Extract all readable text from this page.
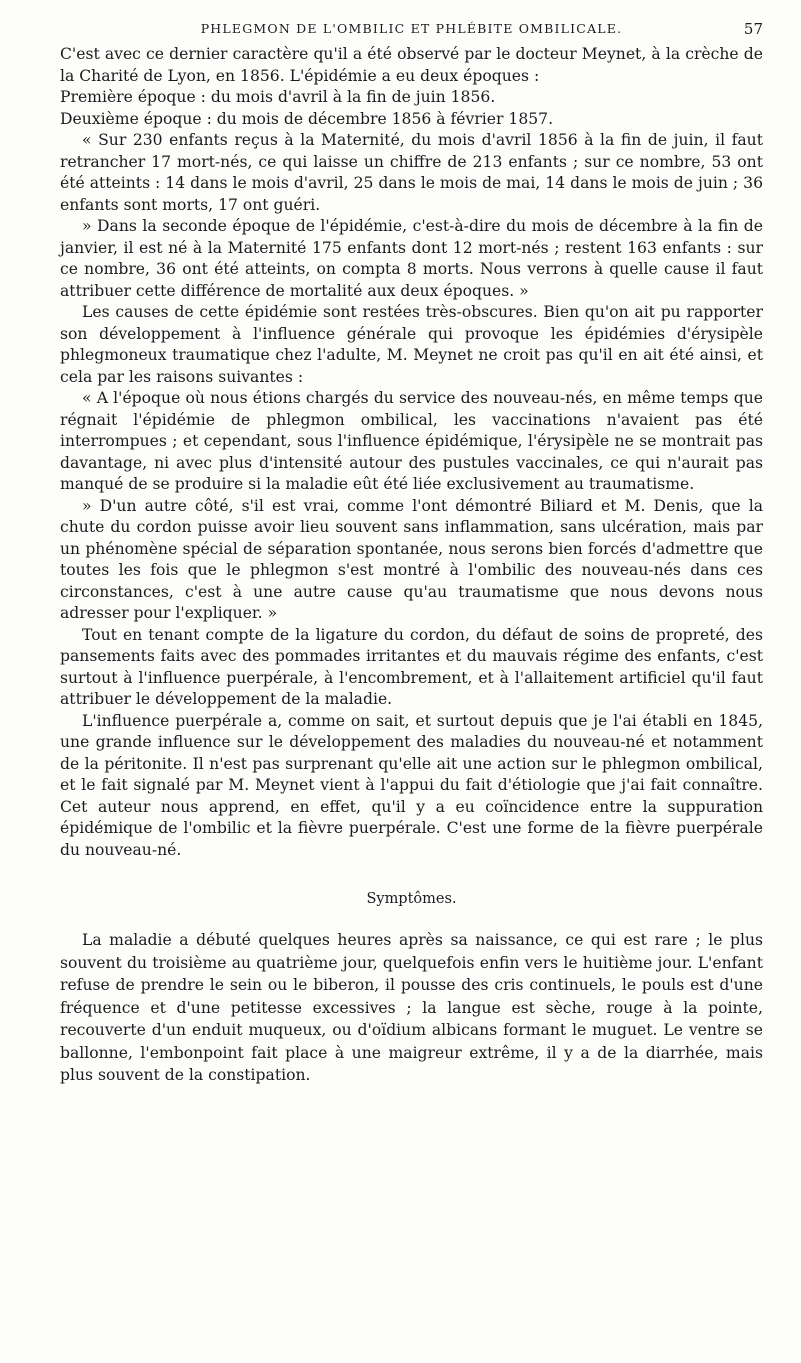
PHLEGMON DE L'OMBILIC ET PHLÉBITE OMBILICALE.	57

C'est avec ce dernier caractère qu'il a été observé par le docteur Meynet, à la crèche de la Charité de Lyon, en 1856. L'épidémie a eu deux époques :

Première époque : du mois d'avril à la fin de juin 1856.

Deuxième époque : du mois de décembre 1856 à février 1857.

« Sur 230 enfants reçus à la Maternité, du mois d'avril 1856 à la fin de juin, il faut retrancher 17 mort-nés, ce qui laisse un chiffre de 213 enfants ; sur ce nombre, 53 ont été atteints : 14 dans le mois d'avril, 25 dans le mois de mai, 14 dans le mois de juin ; 36 enfants sont morts, 17 ont guéri.

» Dans la seconde époque de l'épidémie, c'est-à-dire du mois de décembre à la fin de janvier, il est né à la Maternité 175 enfants dont 12 mort-nés ; restent 163 enfants : sur ce nombre, 36 ont été atteints, on compta 8 morts. Nous verrons à quelle cause il faut attribuer cette différence de mortalité aux deux époques. »

Les causes de cette épidémie sont restées très-obscures. Bien qu'on ait pu rapporter son développement à l'influence générale qui provoque les épidémies d'érysipèle phlegmoneux traumatique chez l'adulte, M. Meynet ne croit pas qu'il en ait été ainsi, et cela par les raisons suivantes :

« A l'époque où nous étions chargés du service des nouveau-nés, en même temps que régnait l'épidémie de phlegmon ombilical, les vaccinations n'avaient pas été interrompues ; et cependant, sous l'influence épidémique, l'érysipèle ne se montrait pas davantage, ni avec plus d'intensité autour des pustules vaccinales, ce qui n'aurait pas manqué de se produire si la maladie eût été liée exclusivement au traumatisme.

» D'un autre côté, s'il est vrai, comme l'ont démontré Biliard et M. Denis, que la chute du cordon puisse avoir lieu souvent sans inflammation, sans ulcération, mais par un phénomène spécial de séparation spontanée, nous serons bien forcés d'admettre que toutes les fois que le phlegmon s'est montré à l'ombilic des nouveau-nés dans ces circonstances, c'est à une autre cause qu'au traumatisme que nous devons nous adresser pour l'expliquer. »

Tout en tenant compte de la ligature du cordon, du défaut de soins de propreté, des pansements faits avec des pommades irritantes et du mauvais régime des enfants, c'est surtout à l'influence puerpérale, à l'encombrement, et à l'allaitement artificiel qu'il faut attribuer le développement de la maladie.

L'influence puerpérale a, comme on sait, et surtout depuis que je l'ai établi en 1845, une grande influence sur le développement des maladies du nouveau-né et notamment de la péritonite. Il n'est pas surprenant qu'elle ait une action sur le phlegmon ombilical, et le fait signalé par M. Meynet vient à l'appui du fait d'étiologie que j'ai fait connaître. Cet auteur nous apprend, en effet, qu'il y a eu coïncidence entre la suppuration épidémique de l'ombilic et la fièvre puerpérale. C'est une forme de la fièvre puerpérale du nouveau-né.

Symptômes.

La maladie a débuté quelques heures après sa naissance, ce qui est rare ; le plus souvent du troisième au quatrième jour, quelquefois enfin vers le huitième jour. L'enfant refuse de prendre le sein ou le biberon, il pousse des cris continuels, le pouls est d'une fréquence et d'une petitesse excessives ; la langue est sèche, rouge à la pointe, recouverte d'un enduit muqueux, ou d'oïdium albicans formant le muguet. Le ventre se ballonne, l'embonpoint fait place à une maigreur extrême, il y a de la diarrhée, mais plus souvent de la constipation.
